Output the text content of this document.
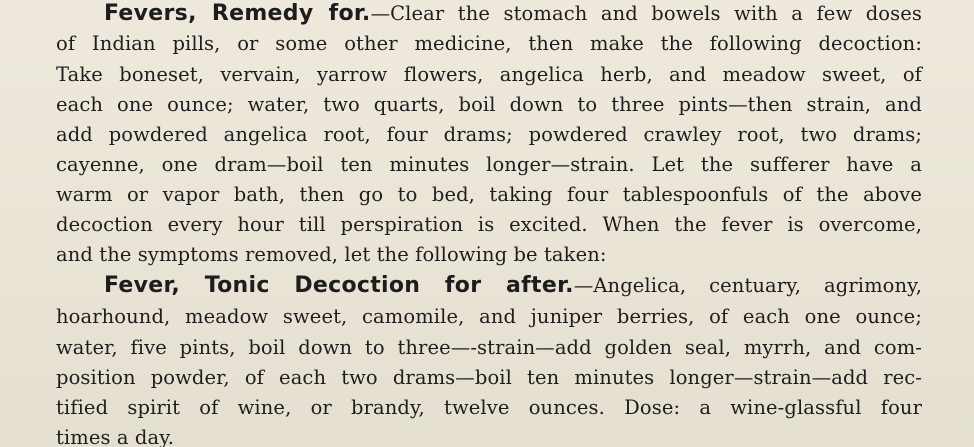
Fevers, Remedy for.—Clear the stomach and bowels with a few doses
of Indian pills, or some other medicine, then make the following decoction:
Take boneset, vervain, yarrow flowers, angelica herb, and meadow sweet, of
each one ounce; water, two quarts, boil down to three pints—then strain, and
add powdered angelica root, four drams; powdered crawley root, two drams;
cayenne, one dram—boil ten minutes longer—strain. Let the sufferer have a
warm or vapor bath, then go to bed, taking four tablespoonfuls of the above
decoction every hour till perspiration is excited. When the fever is overcome,
and the symptoms removed, let the following be taken:
Fever, Tonic Decoction for after.—Angelica, centuary, agrimony,
hoarhound, meadow sweet, camomile, and juniper berries, of each one ounce;
water, five pints, boil down to three—-strain—add golden seal, myrrh, and com-
position powder, of each two drams—boil ten minutes longer—strain—add rec-
tified spirit of wine, or brandy, twelve ounces. Dose: a wine-glassful four
times a day.
